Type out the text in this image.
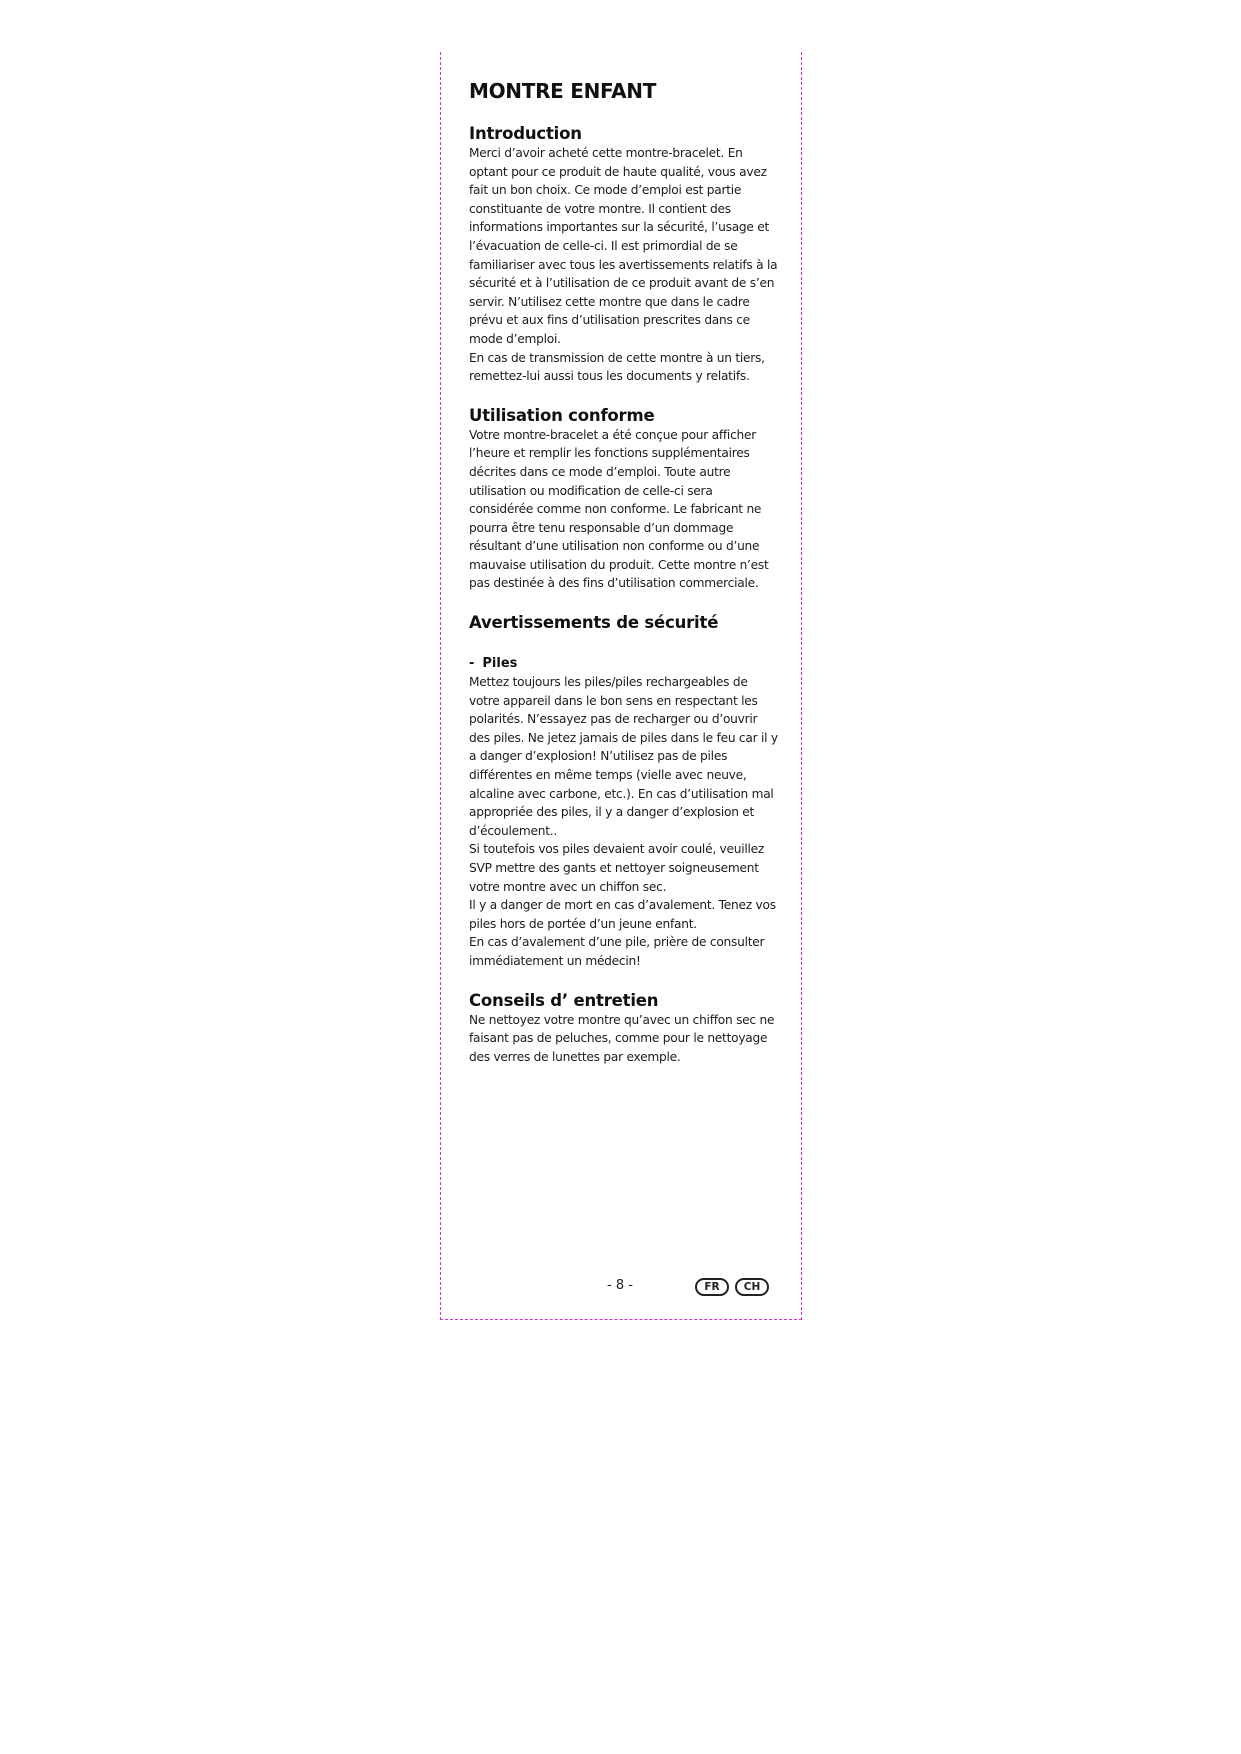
MONTRE ENFANT
Introduction

Merci d’avoir acheté cette montre-bracelet. En optant pour ce produit de haute qualité, vous avez fait un bon choix. Ce mode d’emploi est partie constituante de votre montre. Il contient des informations importantes sur la sécurité, l’usage et l’évacuation de celle-ci. Il est primordial de se familiariser avec tous les avertissements relatifs à la sécurité et à l’utilisation de ce produit avant de s’en servir. N’utilisez cette montre que dans le cadre prévu et aux fins d’utilisation prescrites dans ce mode d’emploi.

En cas de transmission de cette montre à un tiers, remettez-lui aussi tous les documents y relatifs.

Utilisation conforme

Votre montre-bracelet a été conçue pour afficher l’heure et remplir les fonctions supplémentaires décrites dans ce mode d’emploi. Toute autre utilisation ou modification de celle-ci sera considérée comme non conforme. Le fabricant ne pourra être tenu responsable d’un dommage résultant d’une utilisation non conforme ou d’une mauvaise utilisation du produit. Cette montre n’est pas destinée à des fins d’utilisation commerciale.

Avertissements de sécurité
- Piles

Mettez toujours les piles/piles rechargeables de votre appareil dans le bon sens en respectant les polarités. N’essayez pas de recharger ou d’ouvrir des piles. Ne jetez jamais de piles dans le feu car il y a danger d’explosion! N’utilisez pas de piles différentes en même temps (vielle avec neuve, alcaline avec carbone, etc.). En cas d’utilisation mal appropriée des piles, il y a danger d’explosion et d’écoulement..

Si toutefois vos piles devaient avoir coulé, veuillez SVP mettre des gants et nettoyer soigneusement votre montre avec un chiffon sec.

Il y a danger de mort en cas d’avalement. Tenez vos piles hors de portée d’un jeune enfant.

En cas d’avalement d’une pile, prière de consulter immédiatement un médecin!

Conseils d’ entretien

Ne nettoyez votre montre qu’avec un chiffon sec ne faisant pas de peluches, comme pour le nettoyage des verres de lunettes par exemple.

- 8 -	FR	CH
